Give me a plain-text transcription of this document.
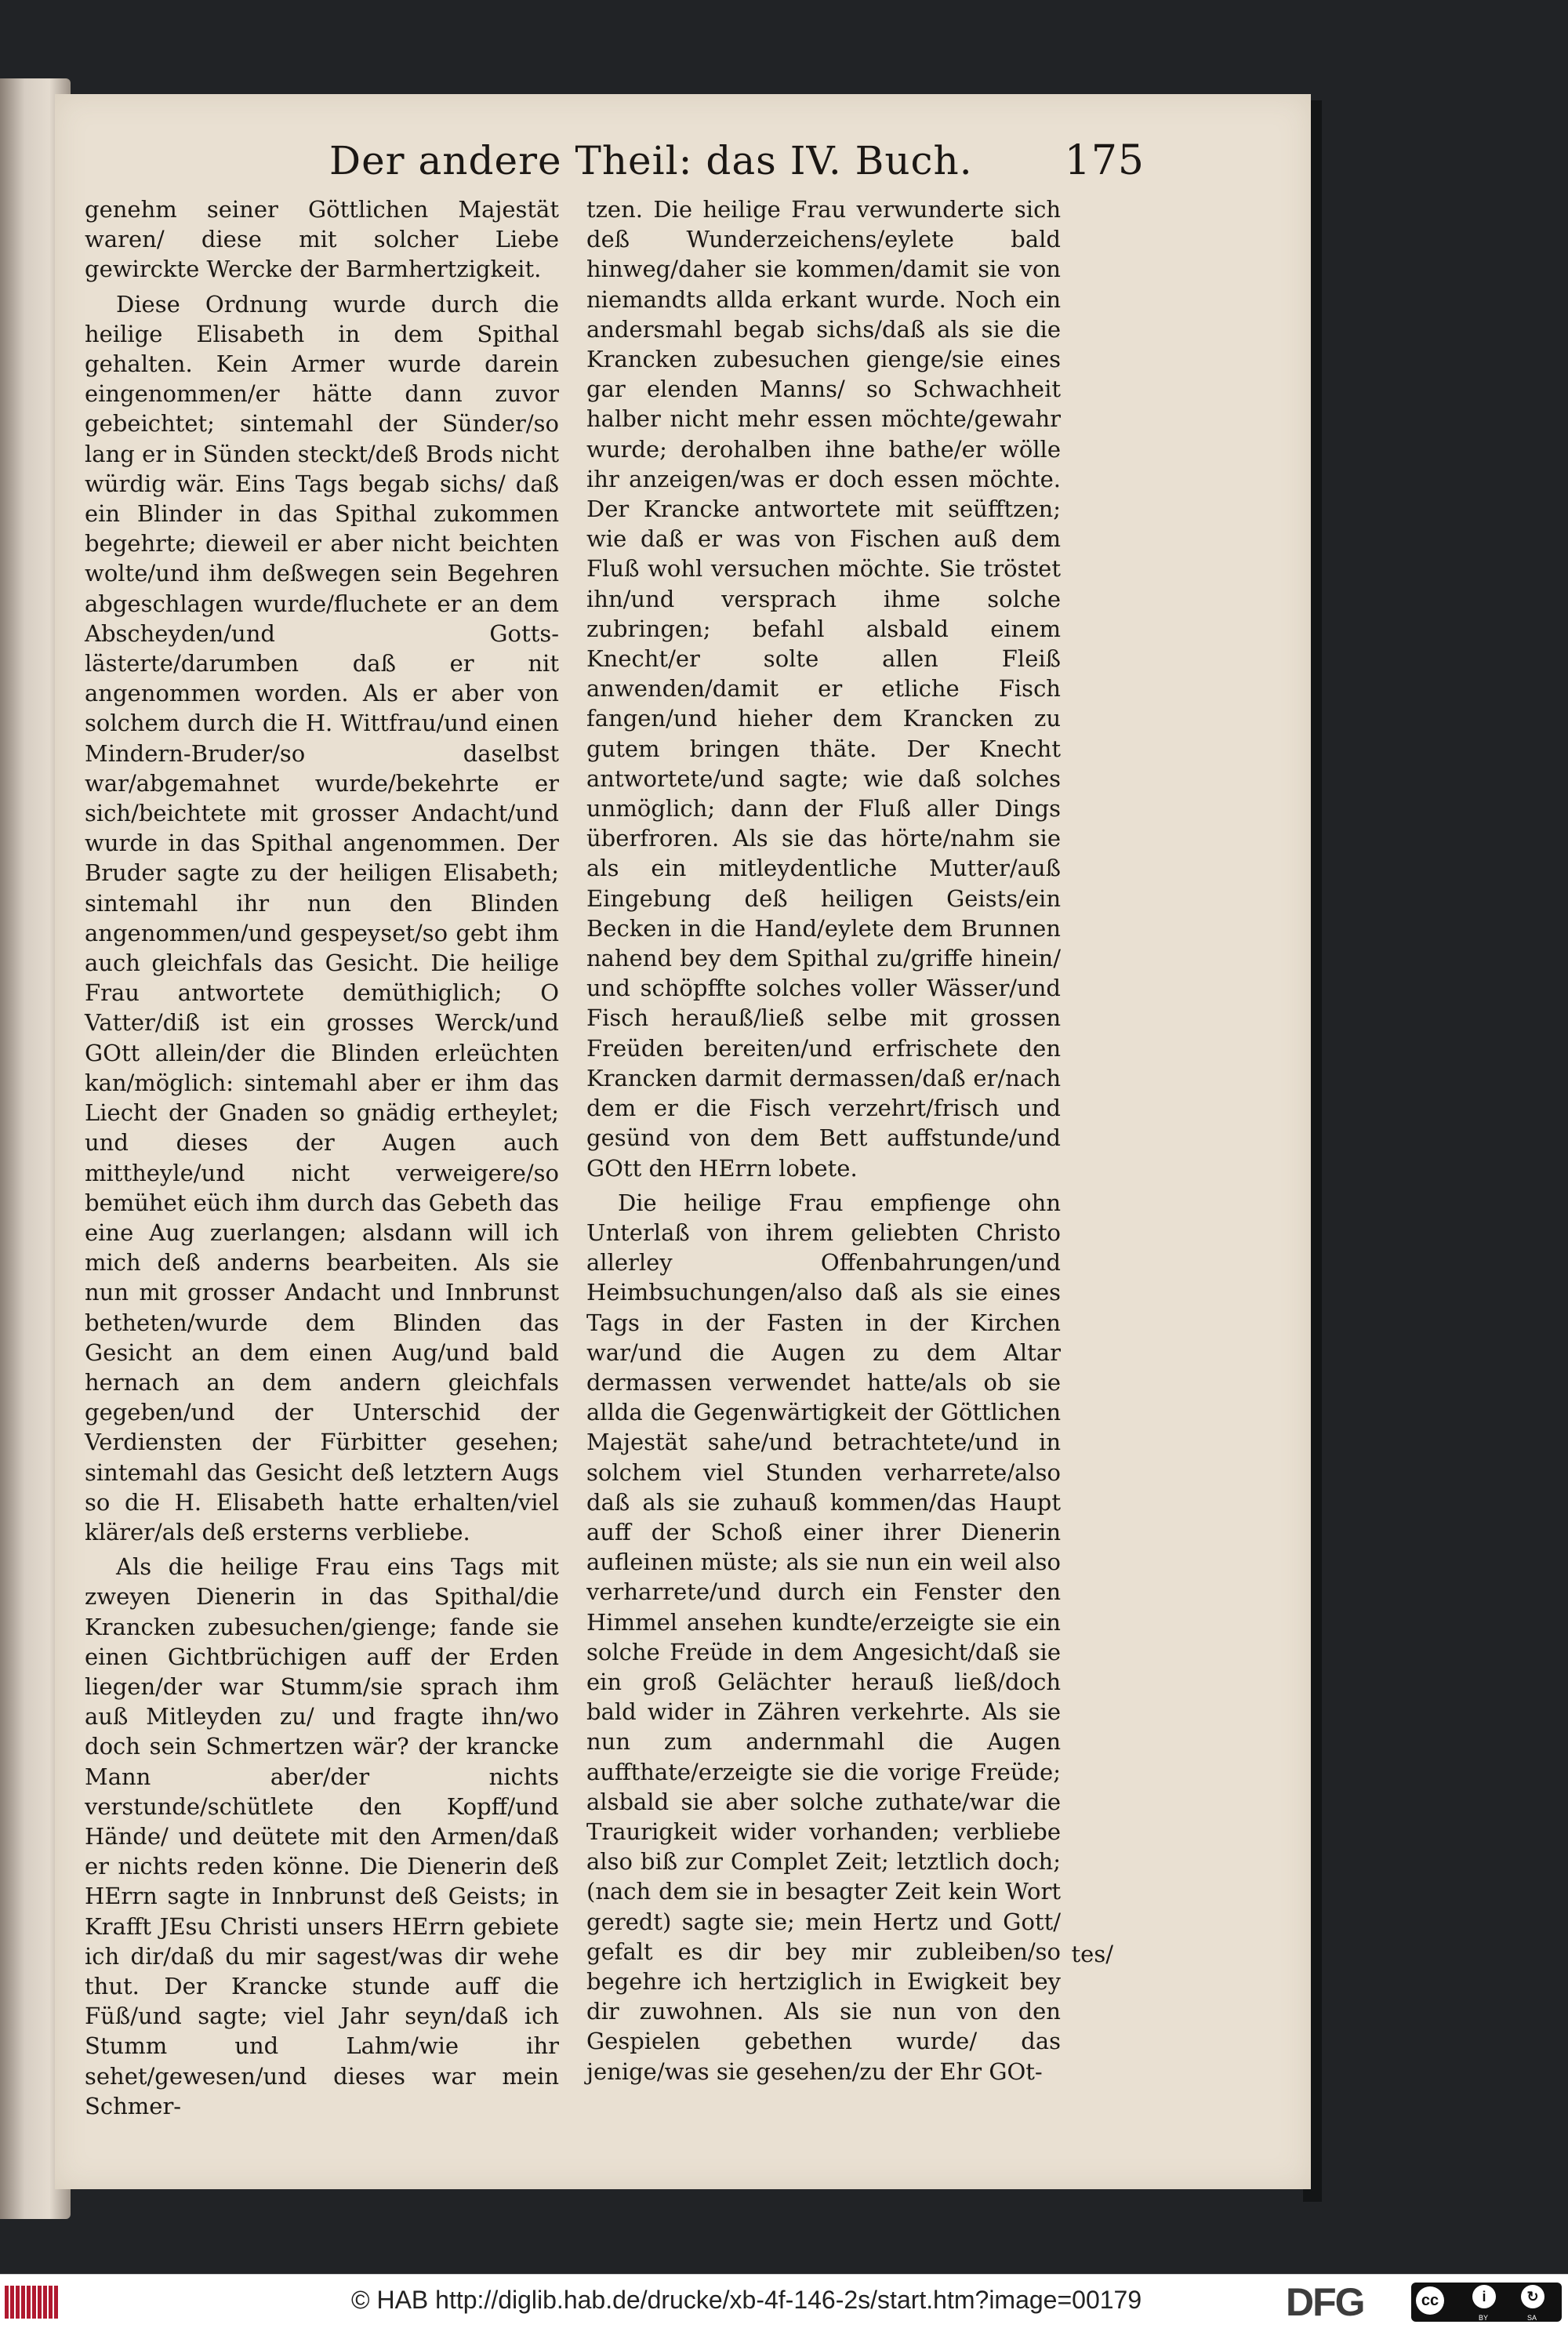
Der andere Theil: das IV. Buch. 175

genehm seiner Göttlichen Majestät waren/ diese mit solcher Liebe gewirckte Wercke der Barmhertzigkeit.

Diese Ordnung wurde durch die heilige Elisabeth in dem Spithal gehalten. Kein Armer wurde darein eingenommen/er hätte dann zuvor gebeichtet; sintemahl der Sünder/so lang er in Sünden steckt/deß Brods nicht würdig wär. Eins Tags begab sichs/ daß ein Blinder in das Spithal zukommen begehrte; dieweil er aber nicht beichten wolte/und ihm deßwegen sein Begehren abgeschlagen wurde/fluchete er an dem Abscheyden/und Gotts-lästerte/darumben daß er nit angenommen worden. Als er aber von solchem durch die H. Wittfrau/und einen Mindern-Bruder/so daselbst war/abgemahnet wurde/bekehrte er sich/beichtete mit grosser Andacht/und wurde in das Spithal angenommen. Der Bruder sagte zu der heiligen Elisabeth; sintemahl ihr nun den Blinden angenommen/und gespeyset/so gebt ihm auch gleichfals das Gesicht. Die heilige Frau antwortete demüthiglich; O Vatter/diß ist ein grosses Werck/und GOtt allein/der die Blinden erleüchten kan/möglich: sintemahl aber er ihm das Liecht der Gnaden so gnädig ertheylet; und dieses der Augen auch mittheyle/und nicht verweigere/so bemühet eüch ihm durch das Gebeth das eine Aug zuerlangen; alsdann will ich mich deß anderns bearbeiten. Als sie nun mit grosser Andacht und Innbrunst betheten/wurde dem Blinden das Gesicht an dem einen Aug/und bald hernach an dem andern gleichfals gegeben/und der Unterschid der Verdiensten der Fürbitter gesehen; sintemahl das Gesicht deß letztern Augs so die H. Elisabeth hatte erhalten/viel klärer/als deß ersterns verbliebe.

Als die heilige Frau eins Tags mit zweyen Dienerin in das Spithal/die Krancken zubesuchen/gienge; fande sie einen Gichtbrüchigen auff der Erden liegen/der war Stumm/sie sprach ihm auß Mitleyden zu/ und fragte ihn/wo doch sein Schmertzen wär? der krancke Mann aber/der nichts verstunde/schütlete den Kopff/und Hände/ und deütete mit den Armen/daß er nichts reden könne. Die Dienerin deß HErrn sagte in Innbrunst deß Geists; in Krafft JEsu Christi unsers HErrn gebiete ich dir/daß du mir sagest/was dir wehe thut. Der Krancke stunde auff die Füß/und sagte; viel Jahr seyn/daß ich Stumm und Lahm/wie ihr sehet/gewesen/und dieses war mein Schmer-

tzen. Die heilige Frau verwunderte sich deß Wunderzeichens/eylete bald hinweg/daher sie kommen/damit sie von niemandts allda erkant wurde. Noch ein andersmahl begab sichs/daß als sie die Krancken zubesuchen gienge/sie eines gar elenden Manns/ so Schwachheit halber nicht mehr essen möchte/gewahr wurde; derohalben ihne bathe/er wölle ihr anzeigen/was er doch essen möchte. Der Krancke antwortete mit seüfftzen; wie daß er was von Fischen auß dem Fluß wohl versuchen möchte. Sie tröstet ihn/und versprach ihme solche zubringen; befahl alsbald einem Knecht/er solte allen Fleiß anwenden/damit er etliche Fisch fangen/und hieher dem Krancken zu gutem bringen thäte. Der Knecht antwortete/und sagte; wie daß solches unmöglich; dann der Fluß aller Dings überfroren. Als sie das hörte/nahm sie als ein mitleydentliche Mutter/auß Eingebung deß heiligen Geists/ein Becken in die Hand/eylete dem Brunnen nahend bey dem Spithal zu/griffe hinein/ und schöpffte solches voller Wässer/und Fisch herauß/ließ selbe mit grossen Freüden bereiten/und erfrischete den Krancken darmit dermassen/daß er/nach dem er die Fisch verzehrt/frisch und gesünd von dem Bett auffstunde/und GOtt den HErrn lobete.

Die heilige Frau empfienge ohn Unterlaß von ihrem geliebten Christo allerley Offenbahrungen/und Heimbsuchungen/also daß als sie eines Tags in der Fasten in der Kirchen war/und die Augen zu dem Altar dermassen verwendet hatte/als ob sie allda die Gegenwärtigkeit der Göttlichen Majestät sahe/und betrachtete/und in solchem viel Stunden verharrete/also daß als sie zuhauß kommen/das Haupt auff der Schoß einer ihrer Dienerin aufleinen müste; als sie nun ein weil also verharrete/und durch ein Fenster den Himmel ansehen kundte/erzeigte sie ein solche Freüde in dem Angesicht/daß sie ein groß Gelächter herauß ließ/doch bald wider in Zähren verkehrte. Als sie nun zum andernmahl die Augen auffthate/erzeigte sie die vorige Freüde; alsbald sie aber solche zuthate/war die Traurigkeit wider vorhanden; verbliebe also biß zur Complet Zeit; letztlich doch; (nach dem sie in besagter Zeit kein Wort geredt) sagte sie; mein Hertz und Gott/ gefalt es dir bey mir zubleiben/so begehre ich hertziglich in Ewigkeit bey dir zuwohnen. Als sie nun von den Gespielen gebethen wurde/ das jenige/was sie gesehen/zu der Ehr GOt-

tes/
© HAB http://diglib.hab.de/drucke/xb-4f-146-2s/start.htm?image=00179	DFG	cc	i	↻
BY	SA
